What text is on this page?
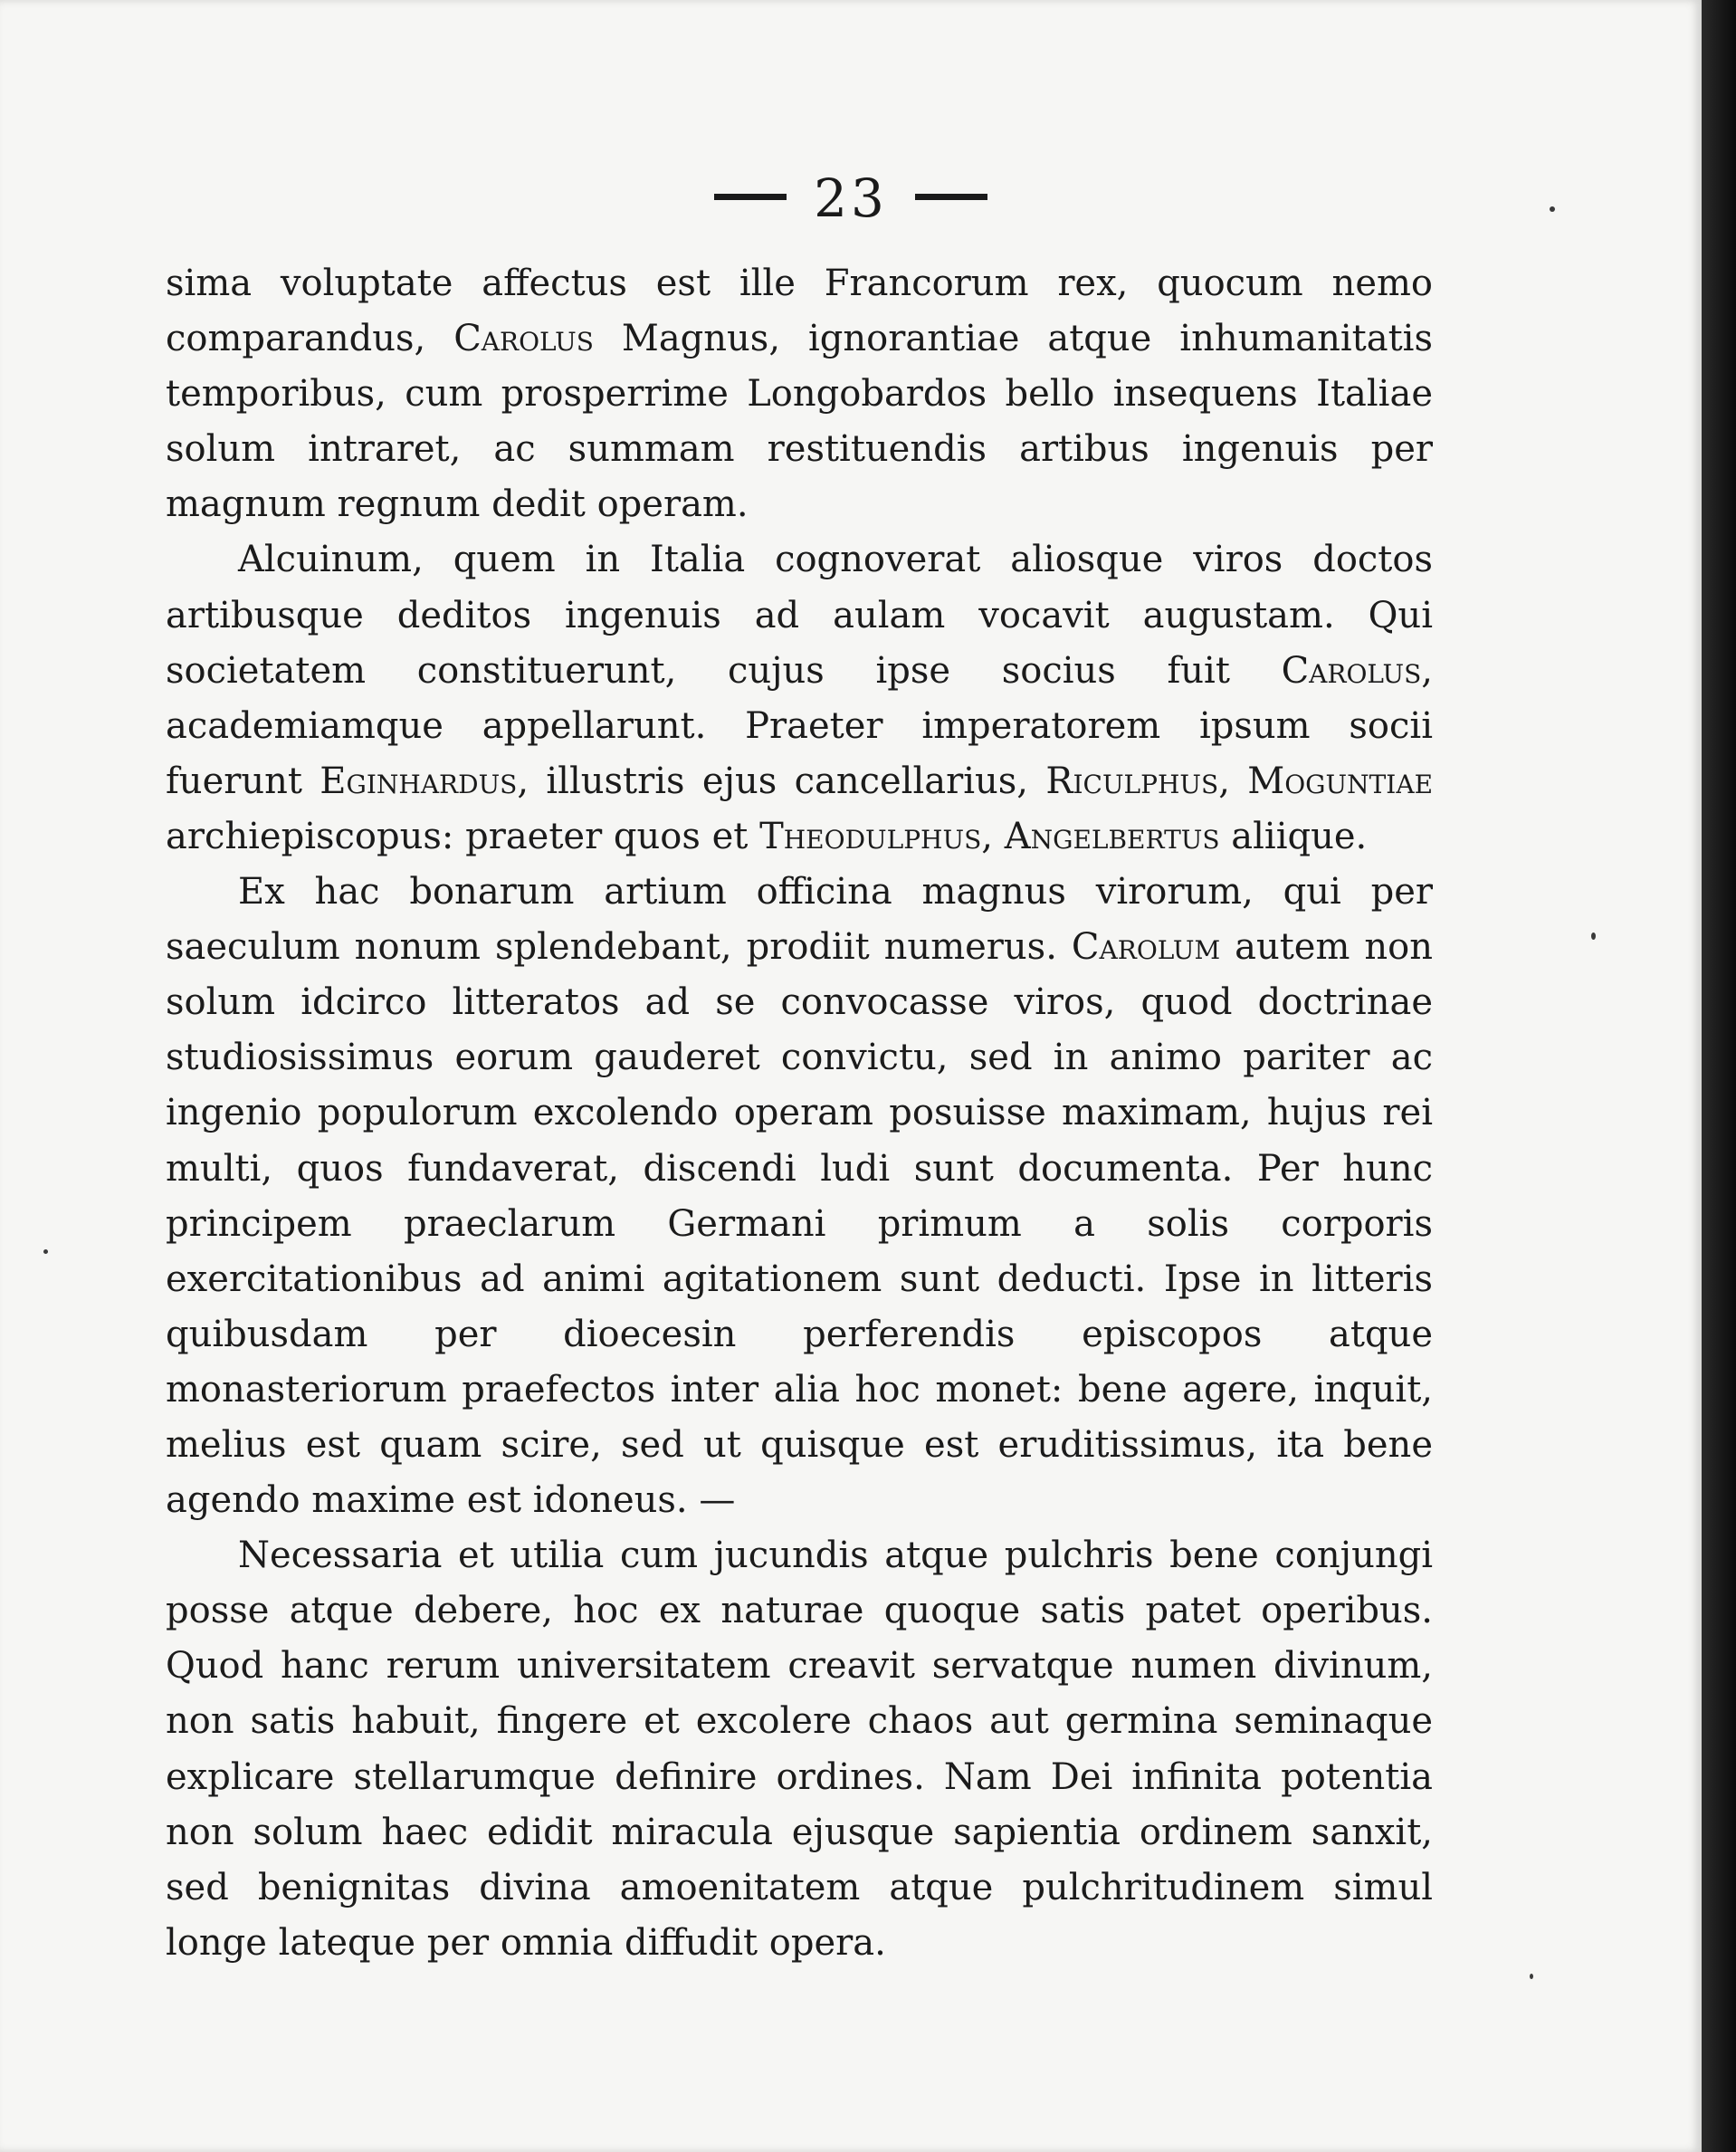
23

sima voluptate affectus est ille Francorum rex, quocum nemo comparandus, Carolus Magnus, ignorantiae atque inhumanitatis temporibus, cum prosperrime Longobardos bello insequens Italiae solum intraret, ac summam restituendis artibus ingenuis per magnum regnum dedit operam.

Alcuinum, quem in Italia cognoverat aliosque viros doctos artibusque deditos ingenuis ad aulam vocavit augustam. Qui societatem constituerunt, cujus ipse socius fuit Carolus, academiamque appellarunt. Praeter imperatorem ipsum socii fuerunt Eginhardus, illustris ejus cancellarius, Riculphus, Moguntiae archiepiscopus: praeter quos et Theodulphus, Angelbertus aliique.

Ex hac bonarum artium officina magnus virorum, qui per saeculum nonum splendebant, prodiit numerus. Carolum autem non solum idcirco litteratos ad se convocasse viros, quod doctrinae studiosissimus eorum gauderet convictu, sed in animo pariter ac ingenio populorum excolendo operam posuisse maximam, hujus rei multi, quos fundaverat, discendi ludi sunt documenta. Per hunc principem praeclarum Germani primum a solis corporis exercitationibus ad animi agitationem sunt deducti. Ipse in litteris quibusdam per dioecesin perferendis episcopos atque monasteriorum praefectos inter alia hoc monet: bene agere, inquit, melius est quam scire, sed ut quisque est eruditissimus, ita bene agendo maxime est idoneus. —

Necessaria et utilia cum jucundis atque pulchris bene conjungi posse atque debere, hoc ex naturae quoque satis patet operibus. Quod hanc rerum universitatem creavit servatque numen divinum, non satis habuit, fingere et excolere chaos aut germina seminaque explicare stellarumque definire ordines. Nam Dei infinita potentia non solum haec edidit miracula ejusque sapientia ordinem sanxit, sed benignitas divina amoenitatem atque pulchritudinem simul longe lateque per omnia diffudit opera.
